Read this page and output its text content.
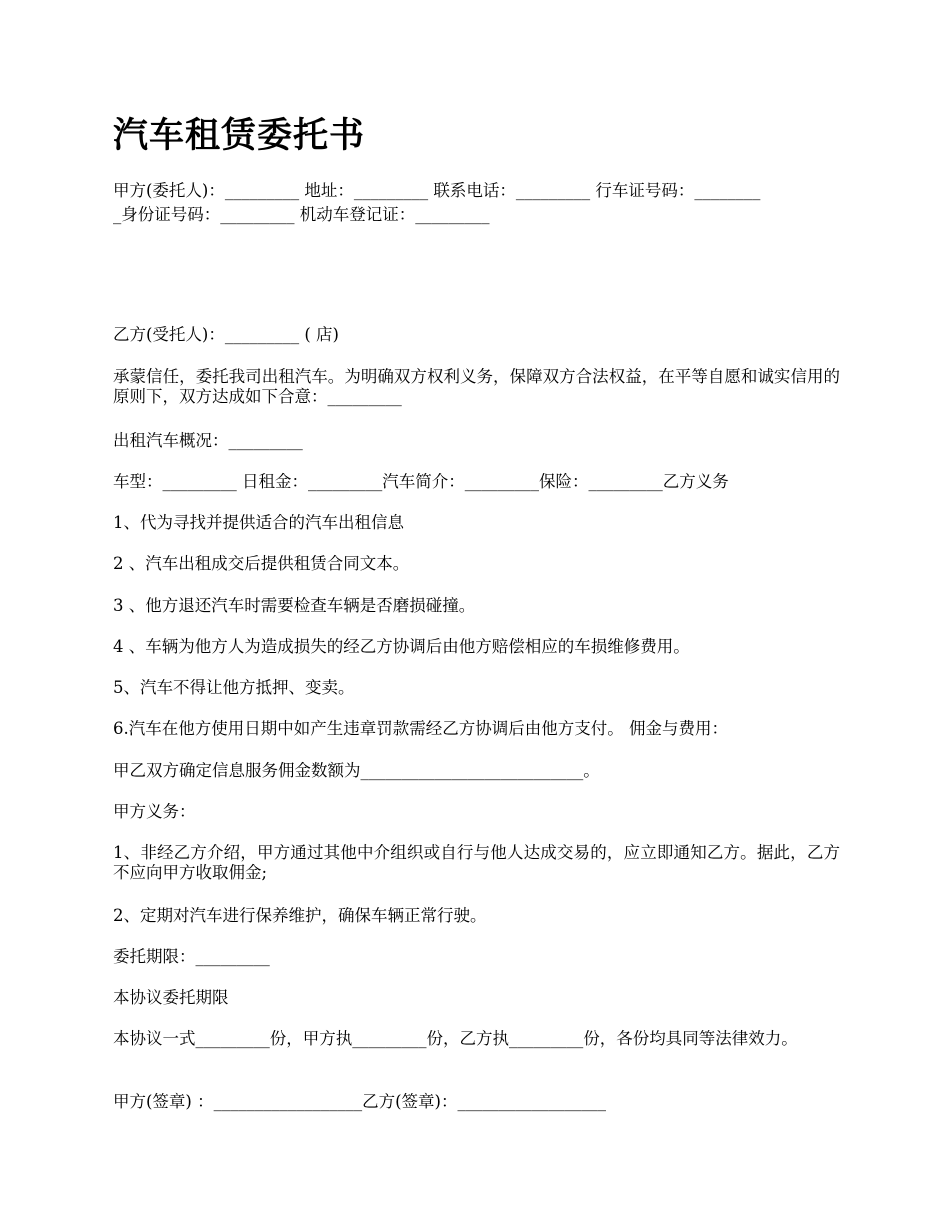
汽车租赁委托书
甲方(委托人)：_________ 地址：_________ 联系电话：_________ 行车证号码：________
_身份证号码：_________ 机动车登记证：_________
乙方(受托人)：_________ ( 店)
承蒙信任，委托我司出租汽车。为明确双方权利义务，保障双方合法权益，在平等自愿和诚实信用的原则下，双方达成如下合意：_________
出租汽车概况：_________
车型：_________ 日租金：_________汽车简介：_________保险：_________乙方义务
1、代为寻找并提供适合的汽车出租信息
2 、汽车出租成交后提供租赁合同文本。
3 、他方退还汽车时需要检查车辆是否磨损碰撞。
4 、车辆为他方人为造成损失的经乙方协调后由他方赔偿相应的车损维修费用。
5、汽车不得让他方抵押、变卖。
6.汽车在他方使用日期中如产生违章罚款需经乙方协调后由他方支付。 佣金与费用：
甲乙双方确定信息服务佣金数额为___________________________。
甲方义务：
1、非经乙方介绍，甲方通过其他中介组织或自行与他人达成交易的，应立即通知乙方。据此，乙方不应向甲方收取佣金;
2、定期对汽车进行保养维护，确保车辆正常行驶。
委托期限：_________
本协议委托期限
本协议一式_________份，甲方执_________份，乙方执_________份，各份均具同等法律效力。
甲方(签章) ：__________________乙方(签章)：__________________
